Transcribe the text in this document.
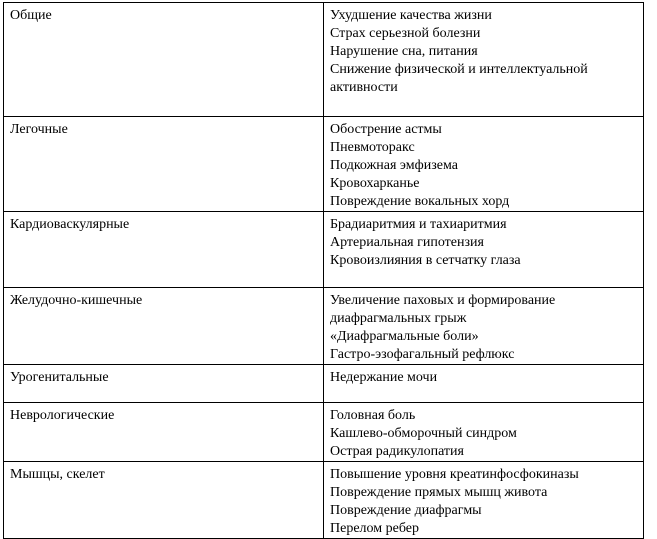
Общие	Ухудшение качества жизни
Страх серьезной болезни
Нарушение сна, питания
Снижение физической и интеллектуальной активности

Легочные	Обострение астмы
Пневмоторакс
Подкожная эмфизема
Кровохарканье
Повреждение вокальных хорд

Кардиоваскулярные	Брадиаритмия и тахиаритмия
Артериальная гипотензия
Кровоизлияния в сетчатку глаза

Желудочно-кишечные	Увеличение паховых и формирование диафрагмальных грыж
«Диафрагмальные боли»
Гастро-эзофагальный рефлюкс

Урогенитальные	Недержание мочи

Неврологические	Головная боль
Кашлево-обморочный синдром
Острая радикулопатия

Мышцы, скелет	Повышение уровня креатинфосфокиназы
Повреждение прямых мышц живота
Повреждение диафрагмы
Перелом ребер
